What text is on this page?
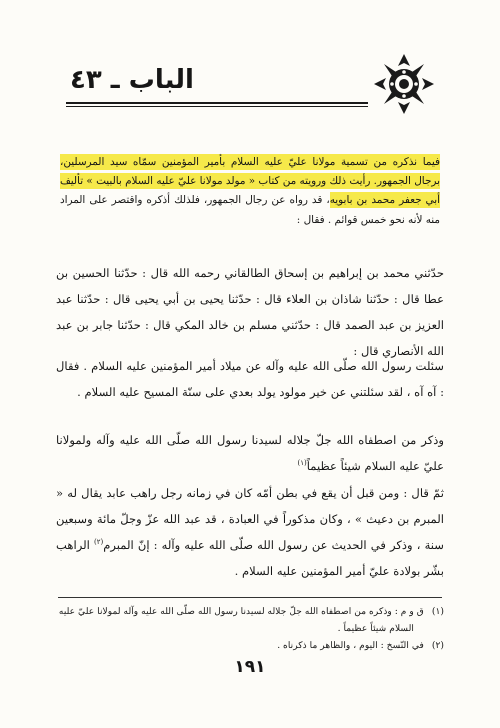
الباب ـ ٤٣

فيما نذكره من تسمية مولانا عليّ عليه السلام بأمير المؤمنين سمّاه سيد المرسلين، برجال الجمهور. رأيت ذلك ورويته من كتاب « مولد مولانا عليّ عليه السلام بالبيت » تأليف أبي جعفر محمد بن بابويه، قد رواه عن رجال الجمهور، فلذلك أذكره واقتصر على المراد منه لأنه نحو خمس قوائم . فقال :

حدّثني محمد بن إبراهيم بن إسحاق الطالقاني رحمه الله قال : حدّثنا الحسين بن عطا قال : حدّثنا شاذان بن العلاء قال : حدّثنا يحيى بن أبي يحيى قال : حدّثنا عبد العزيز بن عبد الصمد قال : حدّثني مسلم بن خالد المكي قال : حدّثنا جابر بن عبد الله الأنصاري قال :

سئلت رسول الله صلّى الله عليه وآله عن ميلاد أمير المؤمنين عليه السلام . فقال : آه آه ، لقد سئلتني عن خير مولود يولد بعدي على سنّة المسيح عليه السلام .

وذكر من اصطفاه الله جلّ جلاله لسيدنا رسول الله صلّى الله عليه وآله ولمولانا عليّ عليه السلام شيئاً عظيماً$^{(١)}$

ثمّ قال : ومن قبل أن يقع في بطن أمّه كان في زمانه رجل راهب عابد يقال له « المبرم بن دعيث » ، وكان مذكوراً في العبادة ، قد عبد الله عزّ وجلّ مائة وسبعين سنة ، وذكر في الحديث عن رسول الله صلّى الله عليه وآله : إنّ المبرم$^{(٢)}$ الراهب بشّر بولادة عليّ أمير المؤمنين عليه السلام .

(١)ق و م : وذكره من اصطفاه الله جلّ جلاله لسيدنا رسول الله صلّى الله عليه وآله لمولانا عليّ عليه
السلام شيئاً عظيماً .

(٢)في النّسخ : اليوم ، والظاهر ما ذكرناه .

١٩١
